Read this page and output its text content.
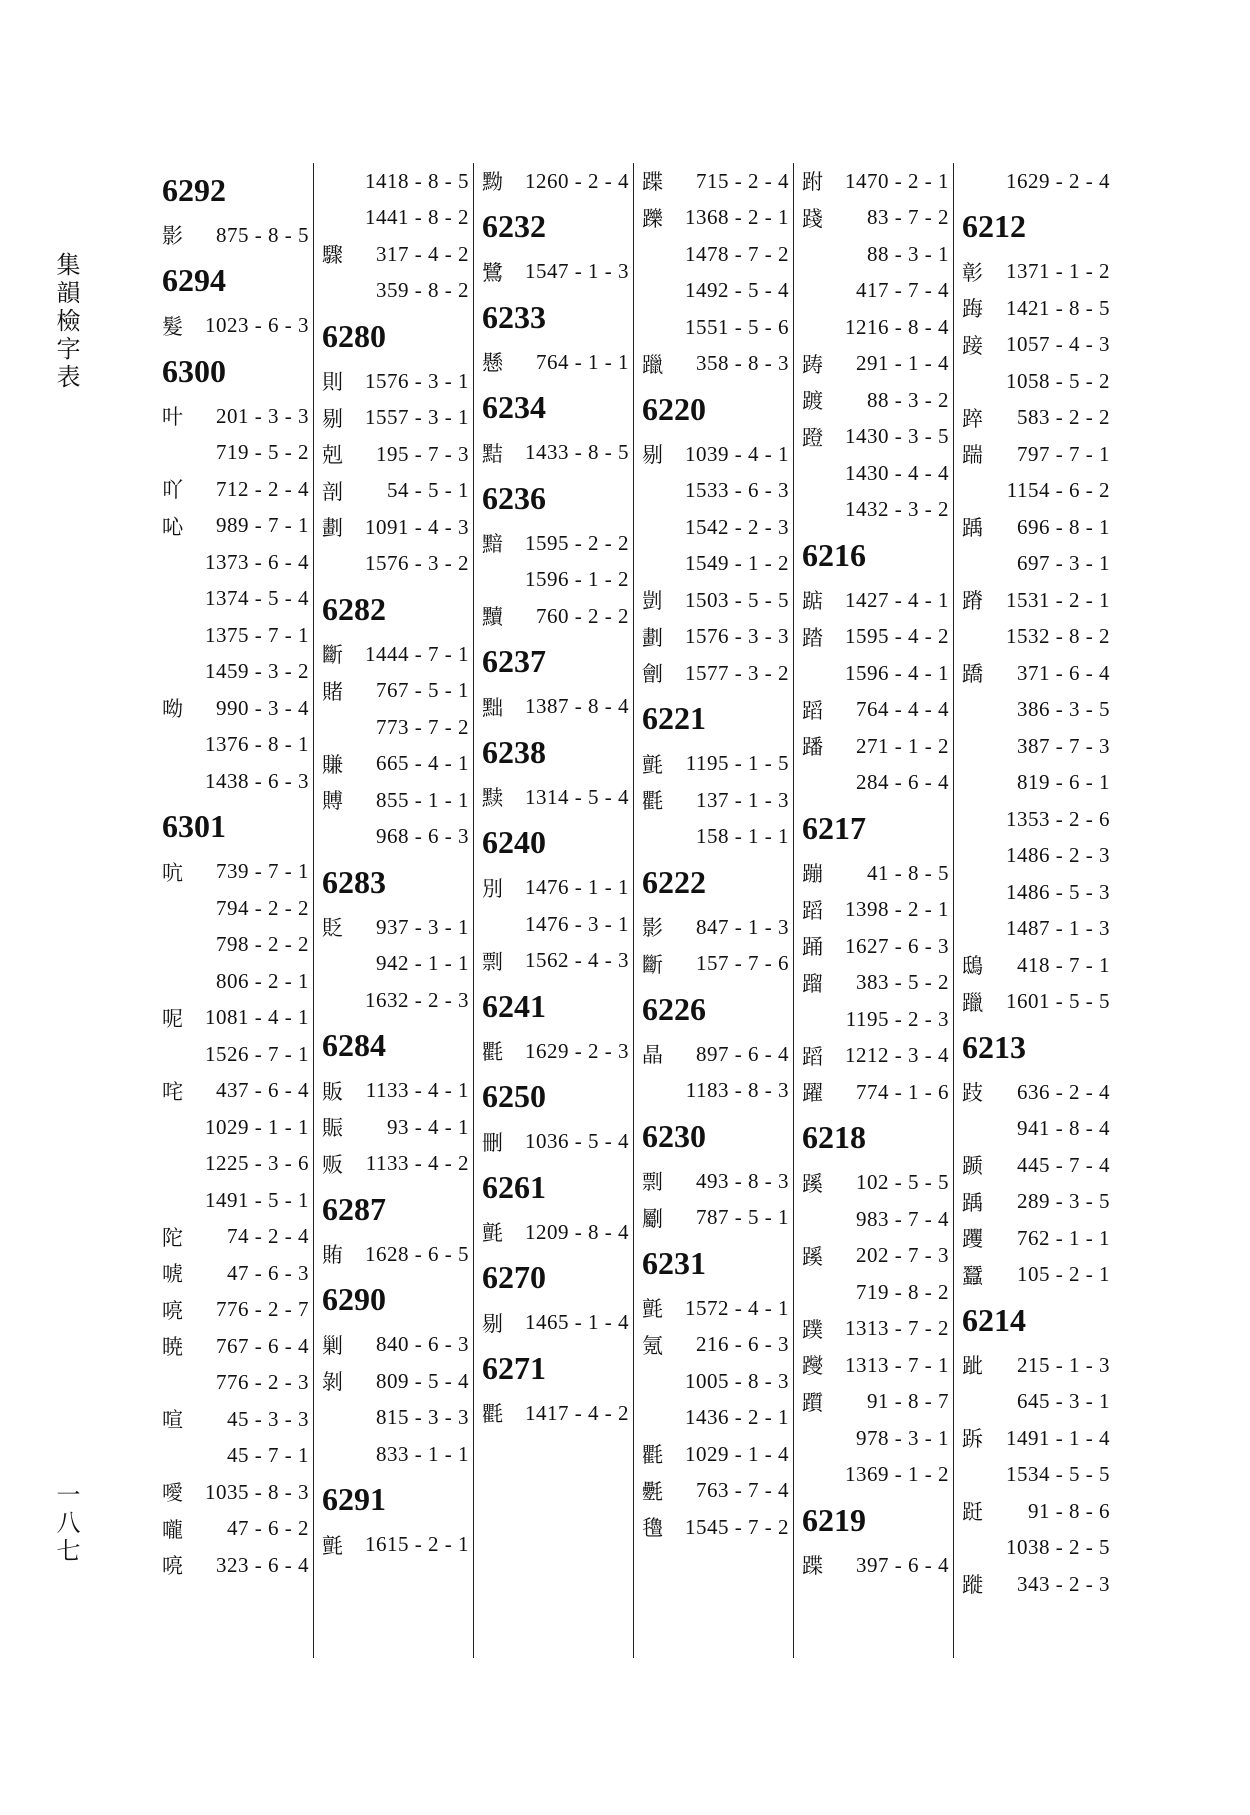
集韻檢字表
一八七
6292
影	875 - 8 - 5
6294
髮	1023 - 6 - 3
6300
叶	201 - 3 - 3
719 - 5 - 2
吖	712 - 2 - 4
吣	989 - 7 - 1
1373 - 6 - 4
1374 - 5 - 4
1375 - 7 - 1
1459 - 3 - 2
呦	990 - 3 - 4
1376 - 8 - 1
1438 - 6 - 3
6301
吭	739 - 7 - 1
794 - 2 - 2
798 - 2 - 2
806 - 2 - 1
呢	1081 - 4 - 1
1526 - 7 - 1
咤	437 - 6 - 4
1029 - 1 - 1
1225 - 3 - 6
1491 - 5 - 1
陀	74 - 2 - 4
唬	47 - 6 - 3
喨	776 - 2 - 7
暁	767 - 6 - 4
776 - 2 - 3
喧	45 - 3 - 3
45 - 7 - 1
噯	1035 - 8 - 3
嚨	47 - 6 - 2
喨	323 - 6 - 4
1418 - 8 - 5
1441 - 8 - 2
驟	317 - 4 - 2
359 - 8 - 2
6280
則	1576 - 3 - 1
剔	1557 - 3 - 1
剋	195 - 7 - 3
剖	54 - 5 - 1
劃	1091 - 4 - 3
1576 - 3 - 2
6282
斷	1444 - 7 - 1
賭	767 - 5 - 1
773 - 7 - 2
賺	665 - 4 - 1
賻	855 - 1 - 1
968 - 6 - 3
6283
貶	937 - 3 - 1
942 - 1 - 1
1632 - 2 - 3
6284
販	1133 - 4 - 1
賑	93 - 4 - 1
贩	1133 - 4 - 2
6287
賄	1628 - 6 - 5
6290
剿	840 - 6 - 3
剝	809 - 5 - 4
815 - 3 - 3
833 - 1 - 1
6291
氈	1615 - 2 - 1
黝	1260 - 2 - 4
6232
鷺	1547 - 1 - 3
6233
懸	764 - 1 - 1
6234
黠	1433 - 8 - 5
6236
黯	1595 - 2 - 2
1596 - 1 - 2
黷	760 - 2 - 2
6237
黜	1387 - 8 - 4
6238
黩	1314 - 5 - 4
6240
別	1476 - 1 - 1
1476 - 3 - 1
剽	1562 - 4 - 3
6241
氍	1629 - 2 - 3
6250
刪	1036 - 5 - 4
6261
氈	1209 - 8 - 4
6270
剔	1465 - 1 - 4
6271
氍	1417 - 4 - 2
蹀	715 - 2 - 4
躒	1368 - 2 - 1
1478 - 7 - 2
1492 - 5 - 4
1551 - 5 - 6
躐	358 - 8 - 3
6220
剔	1039 - 4 - 1
1533 - 6 - 3
1542 - 2 - 3
1549 - 1 - 2
剴	1503 - 5 - 5
劃	1576 - 3 - 3
劊	1577 - 3 - 2
6221
氈	1195 - 1 - 5
氍	137 - 1 - 3
158 - 1 - 1
6222
影	847 - 1 - 3
斷	157 - 7 - 6
6226
晶	897 - 6 - 4
1183 - 8 - 3
6230
剽	493 - 8 - 3
劚	787 - 5 - 1
6231
氈	1572 - 4 - 1
氪	216 - 6 - 3
1005 - 8 - 3
1436 - 2 - 1
氍	1029 - 1 - 4
氎	763 - 7 - 4
氌	1545 - 7 - 2
跗	1470 - 2 - 1
踐	83 - 7 - 2
88 - 3 - 1
417 - 7 - 4
1216 - 8 - 4
踌	291 - 1 - 4
踱	88 - 3 - 2
蹬	1430 - 3 - 5
1430 - 4 - 4
1432 - 3 - 2
6216
踮	1427 - 4 - 1
踏	1595 - 4 - 2
1596 - 4 - 1
蹈	764 - 4 - 4
蹯	271 - 1 - 2
284 - 6 - 4
6217
蹦	41 - 8 - 5
蹈	1398 - 2 - 1
踊	1627 - 6 - 3
蹓	383 - 5 - 2
1195 - 2 - 3
蹈	1212 - 3 - 4
躍	774 - 1 - 6
6218
蹊	102 - 5 - 5
983 - 7 - 4
蹊	202 - 7 - 3
719 - 8 - 2
蹼	1313 - 7 - 2
躞	1313 - 7 - 1
躓	91 - 8 - 7
978 - 3 - 1
1369 - 1 - 2
6219
蹀	397 - 6 - 4
1629 - 2 - 4
6212
彰	1371 - 1 - 2
踇	1421 - 8 - 5
踥	1057 - 4 - 3
1058 - 5 - 2
踤	583 - 2 - 2
踹	797 - 7 - 1
1154 - 6 - 2
踽	696 - 8 - 1
697 - 3 - 1
蹐	1531 - 2 - 1
1532 - 8 - 2
蹻	371 - 6 - 4
386 - 3 - 5
387 - 7 - 3
819 - 6 - 1
1353 - 2 - 6
1486 - 2 - 3
1486 - 5 - 3
1487 - 1 - 3
鴟	418 - 7 - 1
躐	1601 - 5 - 5
6213
跂	636 - 2 - 4
941 - 8 - 4
踬	445 - 7 - 4
踽	289 - 3 - 5
躩	762 - 1 - 1
蠶	105 - 2 - 1
6214
跐	215 - 1 - 3
645 - 3 - 1
跅	1491 - 1 - 4
1534 - 5 - 5
跹	91 - 8 - 6
1038 - 2 - 5
蹝	343 - 2 - 3
